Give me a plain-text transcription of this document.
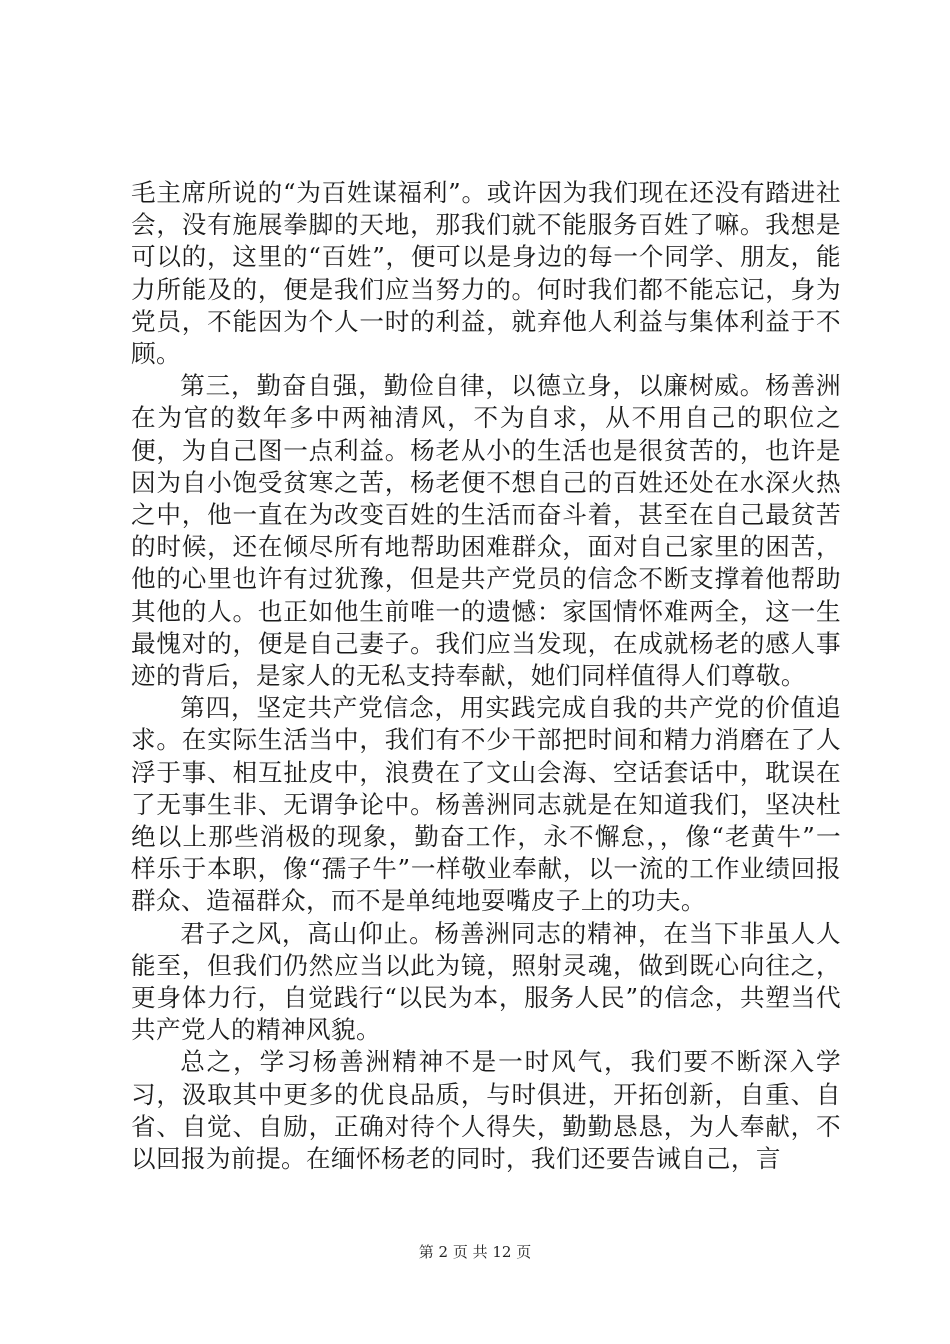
毛主席所说的“为百姓谋福利”。或许因为我们现在还没有踏进社会，没有施展拳脚的天地，那我们就不能服务百姓了嘛。我想是可以的，这里的“百姓”，便可以是身边的每一个同学、朋友，能力所能及的，便是我们应当努力的。何时我们都不能忘记，身为党员，不能因为个人一时的利益，就弃他人利益与集体利益于不顾。

第三，勤奋自强，勤俭自律，以德立身，以廉树威。杨善洲在为官的数年多中两袖清风，不为自求，从不用自己的职位之便，为自己图一点利益。杨老从小的生活也是很贫苦的，也许是因为自小饱受贫寒之苦，杨老便不想自己的百姓还处在水深火热之中，他一直在为改变百姓的生活而奋斗着，甚至在自己最贫苦的时候，还在倾尽所有地帮助困难群众，面对自己家里的困苦，他的心里也许有过犹豫，但是共产党员的信念不断支撑着他帮助其他的人。也正如他生前唯一的遗憾：家国情怀难两全，这一生最愧对的，便是自己妻子。我们应当发现，在成就杨老的感人事迹的背后，是家人的无私支持奉献，她们同样值得人们尊敬。

第四，坚定共产党信念，用实践完成自我的共产党的价值追求。在实际生活当中，我们有不少干部把时间和精力消磨在了人浮于事、相互扯皮中，浪费在了文山会海、空话套话中，耽误在了无事生非、无谓争论中。杨善洲同志就是在知道我们，坚决杜绝以上那些消极的现象，勤奋工作，永不懈怠，，像“老黄牛”一样乐于本职，像“孺子牛”一样敬业奉献，以一流的工作业绩回报群众、造福群众，而不是单纯地耍嘴皮子上的功夫。

君子之风，高山仰止。杨善洲同志的精神，在当下非虽人人能至，但我们仍然应当以此为镜，照射灵魂，做到既心向往之，更身体力行，自觉践行“以民为本，服务人民”的信念，共塑当代共产党人的精神风貌。

总之，学习杨善洲精神不是一时风气，我们要不断深入学习，汲取其中更多的优良品质，与时俱进，开拓创新，自重、自省、自觉、自励，正确对待个人得失，勤勤恳恳，为人奉献，不以回报为前提。在缅怀杨老的同时，我们还要告诫自己，言

第 2 页 共 12 页
